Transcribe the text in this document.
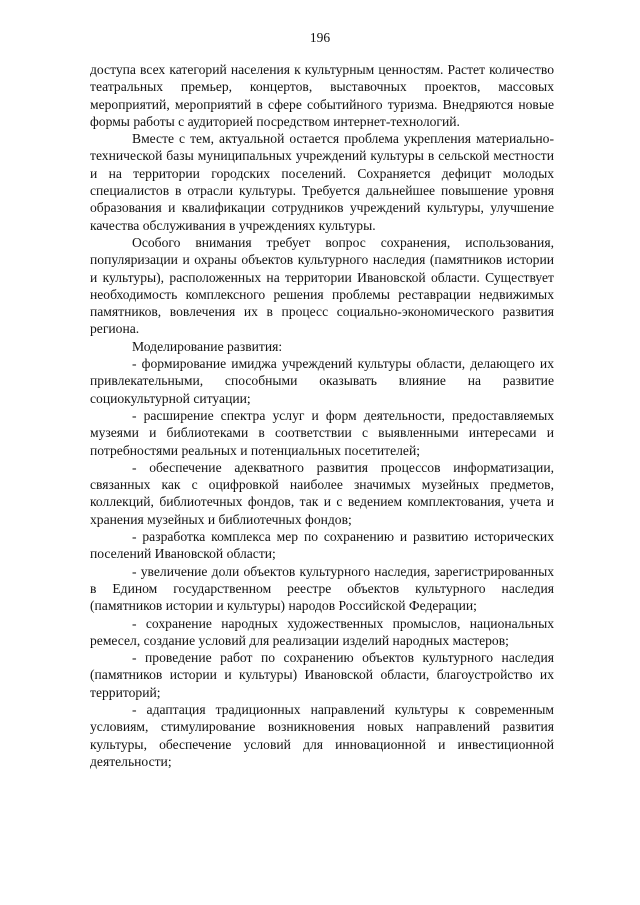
196

доступа всех категорий населения к культурным ценностям. Растет количество театральных премьер, концертов, выставочных проектов, массовых мероприятий, мероприятий в сфере событийного туризма. Внедряются новые формы работы с аудиторией посредством интернет-технологий.

Вместе с тем, актуальной остается проблема укрепления материально-технической базы муниципальных учреждений культуры в сельской местности и на территории городских поселений. Сохраняется дефицит молодых специалистов в отрасли культуры. Требуется дальнейшее повышение уровня образования и квалификации сотрудников учреждений культуры, улучшение качества обслуживания в учреждениях культуры.

Особого внимания требует вопрос сохранения, использования, популяризации и охраны объектов культурного наследия (памятников истории и культуры), расположенных на территории Ивановской области. Существует необходимость комплексного решения проблемы реставрации недвижимых памятников, вовлечения их в процесс социально-экономического развития региона.

Моделирование развития:

- формирование имиджа учреждений культуры области, делающего их привлекательными, способными оказывать влияние на развитие социокультурной ситуации;

- расширение спектра услуг и форм деятельности, предоставляемых музеями и библиотеками в соответствии с выявленными интересами и потребностями реальных и потенциальных посетителей;

- обеспечение адекватного развития процессов информатизации, связанных как с оцифровкой наиболее значимых музейных предметов, коллекций, библиотечных фондов, так и с ведением комплектования, учета и хранения музейных и библиотечных фондов;

- разработка комплекса мер по сохранению и развитию исторических поселений Ивановской области;

- увеличение доли объектов культурного наследия, зарегистрированных в Едином государственном реестре объектов культурного наследия (памятников истории и культуры) народов Российской Федерации;

- сохранение народных художественных промыслов, национальных ремесел, создание условий для реализации изделий народных мастеров;

- проведение работ по сохранению объектов культурного наследия (памятников истории и культуры) Ивановской области, благоустройство их территорий;

- адаптация традиционных направлений культуры к современным условиям, стимулирование возникновения новых направлений развития культуры, обеспечение условий для инновационной и инвестиционной деятельности;
